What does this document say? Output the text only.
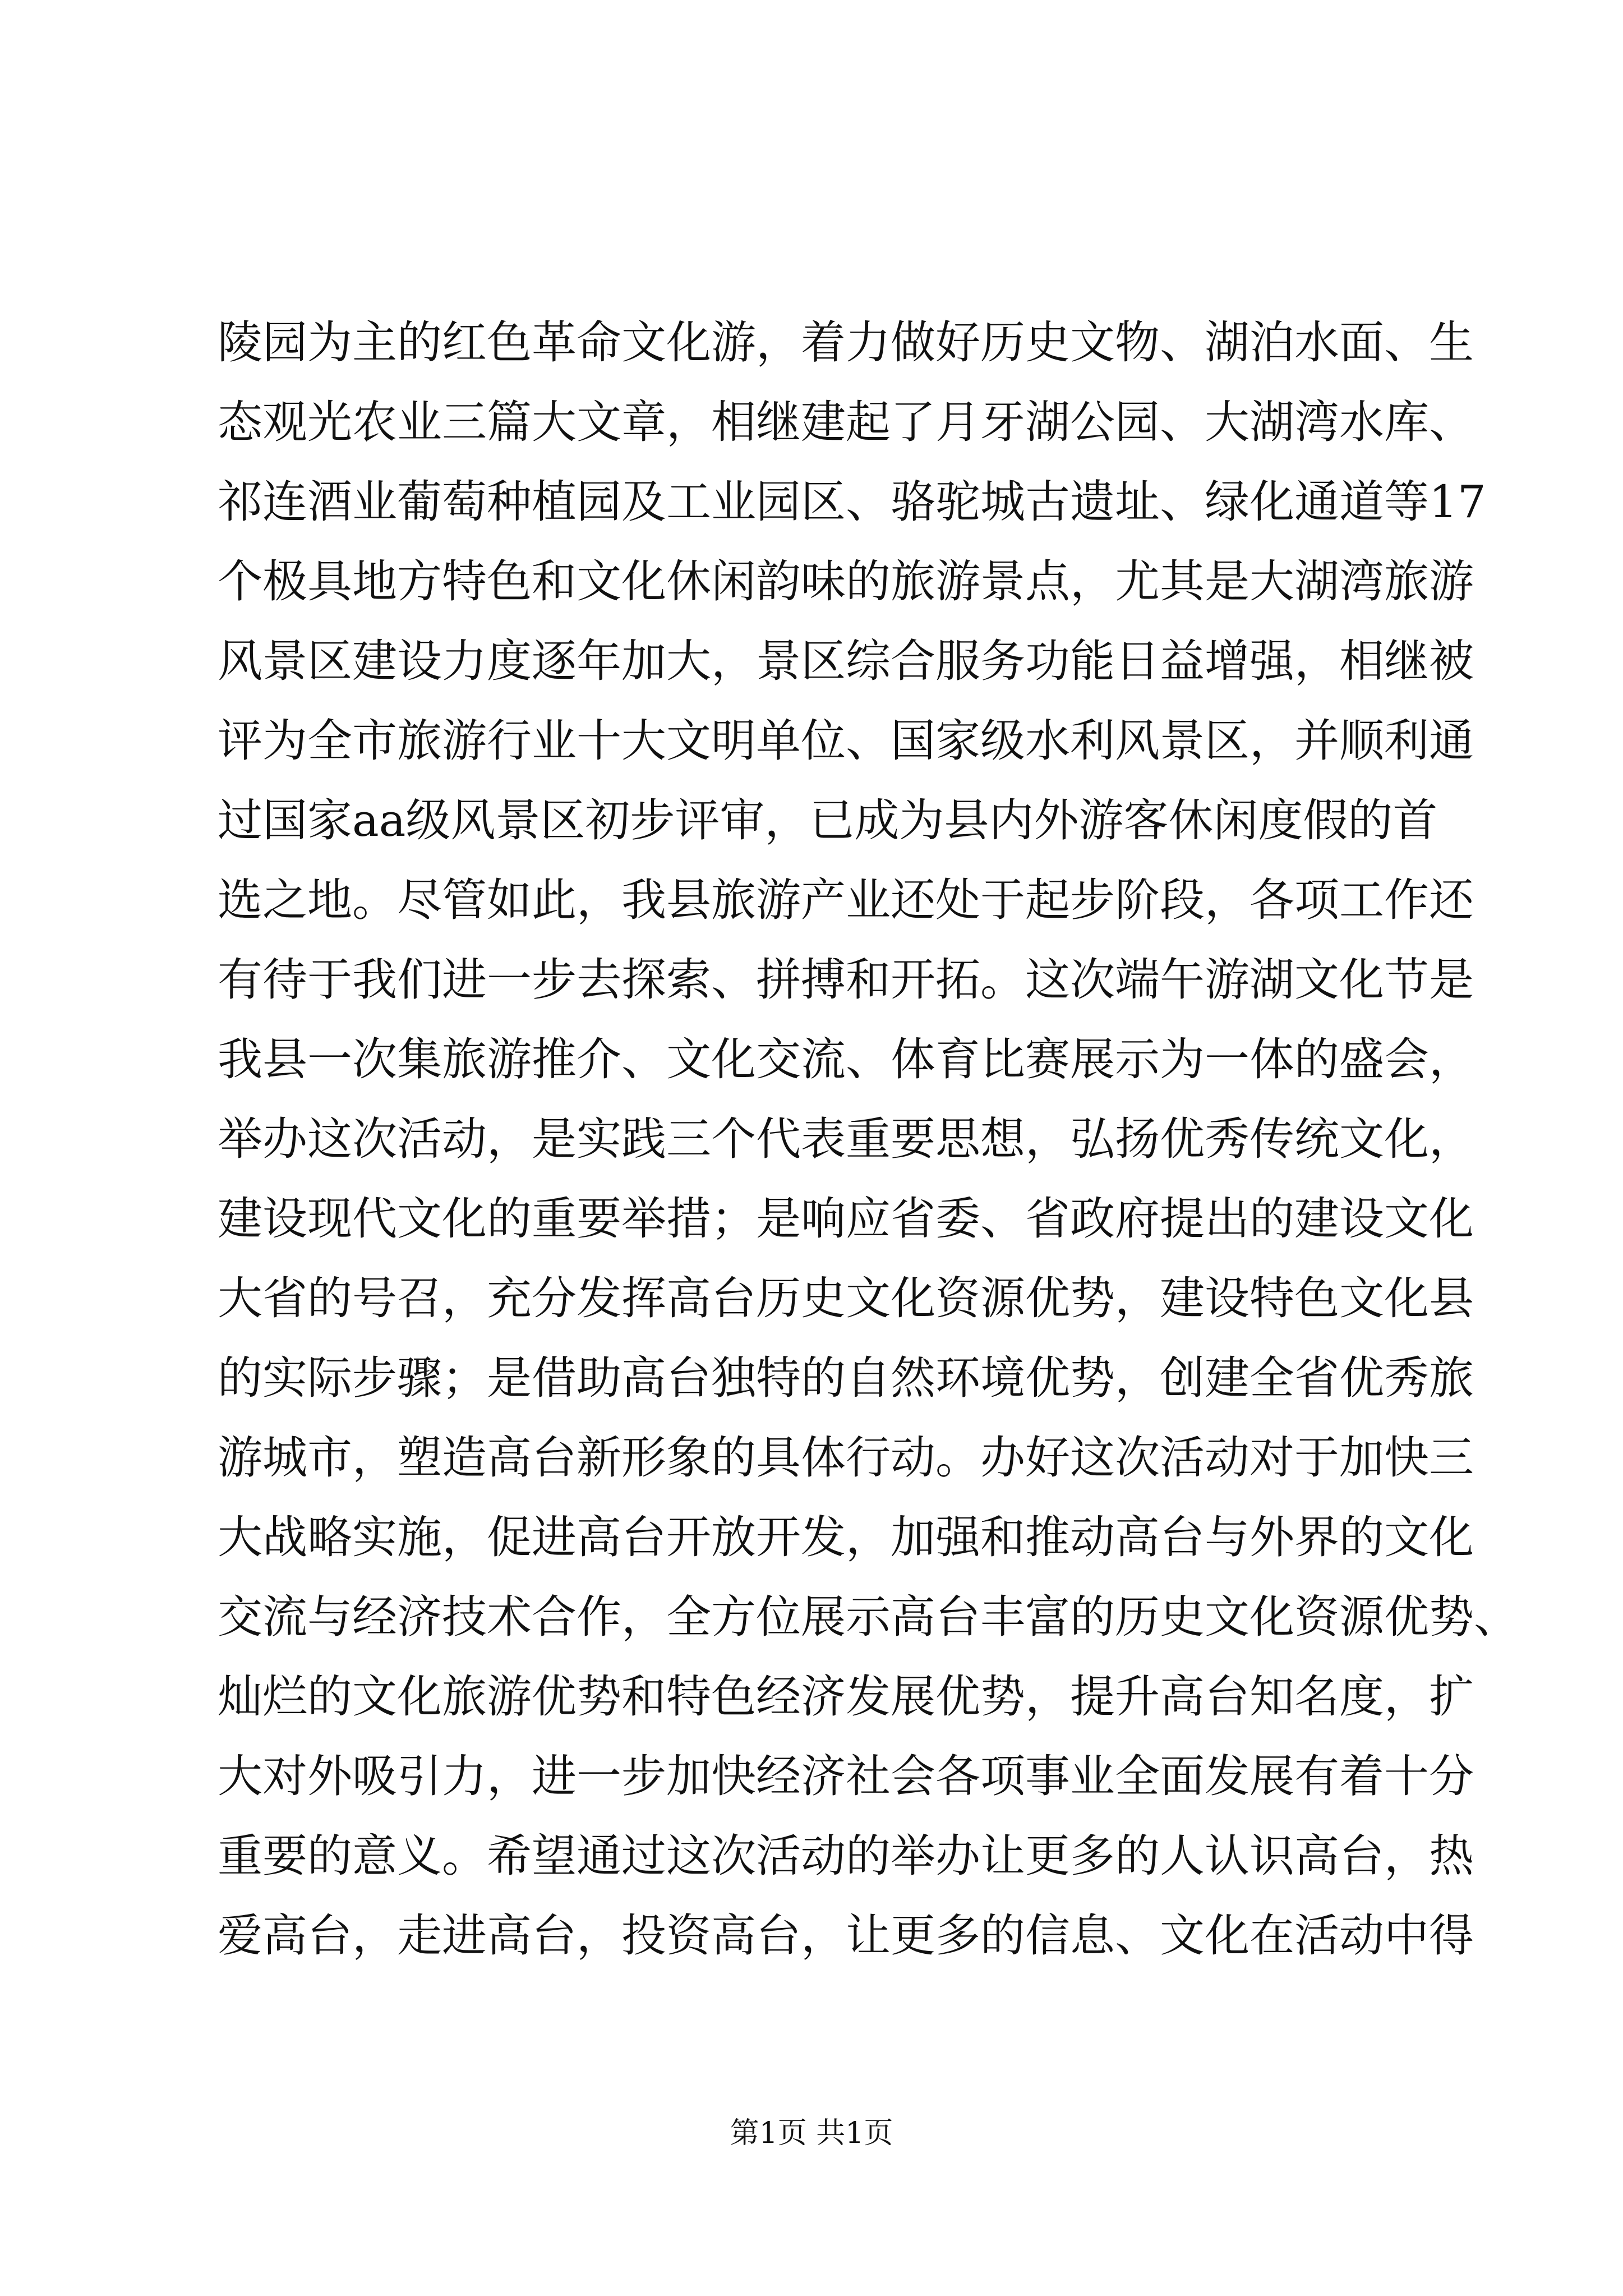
陵园为主的红色革命文化游，着力做好历史文物、湖泊水面、生
态观光农业三篇大文章，相继建起了月牙湖公园、大湖湾水库、
祁连酒业葡萄种植园及工业园区、骆驼城古遗址、绿化通道等17
个极具地方特色和文化休闲韵味的旅游景点，尤其是大湖湾旅游
风景区建设力度逐年加大，景区综合服务功能日益增强，相继被
评为全市旅游行业十大文明单位、国家级水利风景区，并顺利通
过国家aa级风景区初步评审，已成为县内外游客休闲度假的首
选之地。尽管如此，我县旅游产业还处于起步阶段，各项工作还
有待于我们进一步去探索、拼搏和开拓。这次端午游湖文化节是
我县一次集旅游推介、文化交流、体育比赛展示为一体的盛会，
举办这次活动，是实践三个代表重要思想，弘扬优秀传统文化，
建设现代文化的重要举措；是响应省委、省政府提出的建设文化
大省的号召，充分发挥高台历史文化资源优势，建设特色文化县
的实际步骤；是借助高台独特的自然环境优势，创建全省优秀旅
游城市，塑造高台新形象的具体行动。办好这次活动对于加快三
大战略实施，促进高台开放开发，加强和推动高台与外界的文化
交流与经济技术合作，全方位展示高台丰富的历史文化资源优势、
灿烂的文化旅游优势和特色经济发展优势，提升高台知名度，扩
大对外吸引力，进一步加快经济社会各项事业全面发展有着十分
重要的意义。希望通过这次活动的举办让更多的人认识高台，热
爱高台，走进高台，投资高台，让更多的信息、文化在活动中得
第1页 共1页
